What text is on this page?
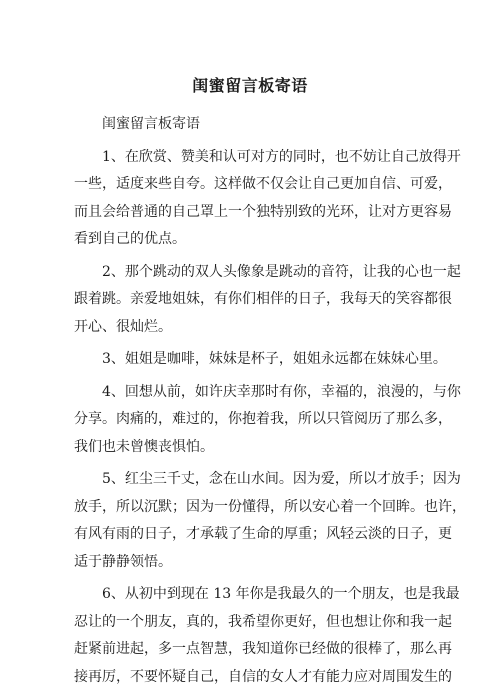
闺蜜留言板寄语
闺蜜留言板寄语
1、在欣赏、赞美和认可对方的同时，也不妨让自己放得开
一些，适度来些自夸。这样做不仅会让自己更加自信、可爱，
而且会给普通的自己罩上一个独特别致的光环，让对方更容易
看到自己的优点。
2、那个跳动的双人头像象是跳动的音符，让我的心也一起
跟着跳。亲爱地姐妹，有你们相伴的日子，我每天的笑容都很
开心、很灿烂。
3、姐姐是咖啡，妹妹是杯子，姐姐永远都在妹妹心里。
4、回想从前，如许庆幸那时有你，幸福的，浪漫的，与你
分享。肉痛的，难过的，你抱着我，所以只管阅历了那么多，
我们也未曾懊丧惧怕。
5、红尘三千丈，念在山水间。因为爱，所以才放手；因为
放手，所以沉默；因为一份懂得，所以安心着一个回眸。也许，
有风有雨的日子，才承载了生命的厚重；风轻云淡的日子，更
适于静静领悟。
6、从初中到现在 13 年你是我最久的一个朋友，也是我最
忍让的一个朋友，真的，我希望你更好，但也想让你和我一起
赶紧前进起，多一点智慧，我知道你已经做的很棒了，那么再
接再厉，不要怀疑自己，自信的女人才有能力应对周围发生的
